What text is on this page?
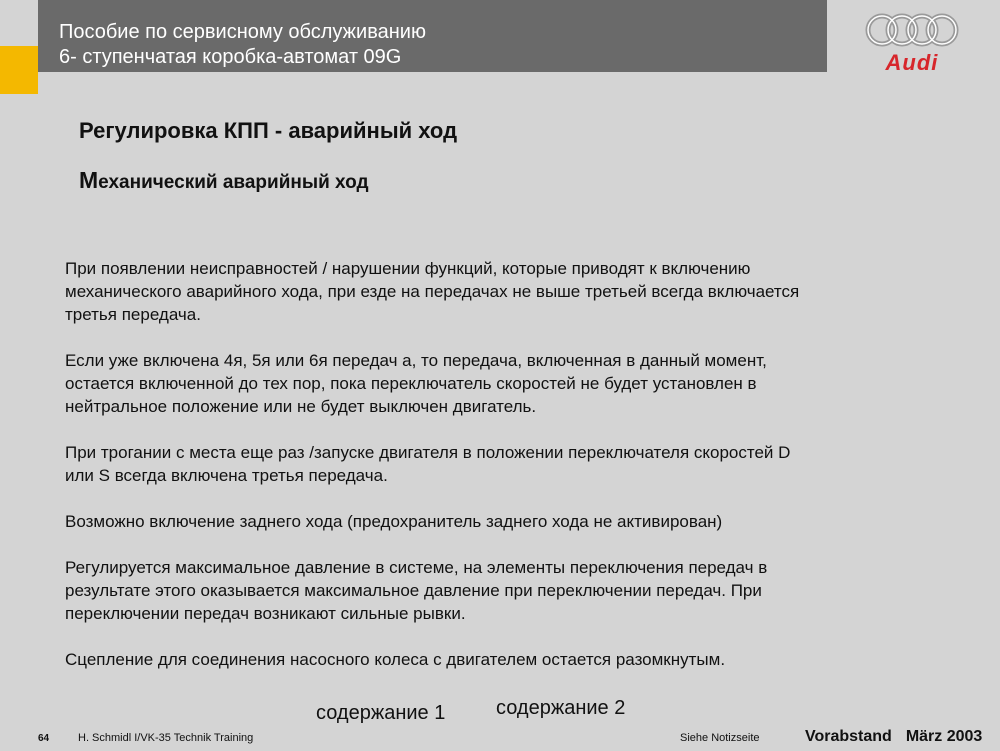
Пособие по сервисному обслуживанию
6- ступенчатая коробка-автомат 09G	Audi
Регулировка КПП - аварийный ход
Механический аварийный ход

При появлении неисправностей / нарушении функций, которые приводят к включению
механического аварийного хода, при езде на передачах не выше третьей всегда включается
третья передача.

Если уже включена 4я, 5я или 6я передач а, то передача, включенная в данный момент,
остается включенной до тех пор, пока переключатель скоростей не будет установлен в
нейтральное положение или не будет выключен двигатель.

При трогании с места еще раз /запуске двигателя в положении переключателя скоростей D
или S всегда включена третья передача.

Возможно включение заднего хода (предохранитель заднего хода не активирован)

Регулируется максимальное давление в системе, на элементы переключения передач в
результате этого оказывается максимальное давление при переключении передач. При
переключении передач возникают сильные рывки.

Сцепление для соединения насосного колеса с двигателем остается разомкнутым.

содержание 1	содержание 2
64	H. Schmidl I/VK-35 Technik Training	Siehe Notizseite	Vorabstand März 2003
